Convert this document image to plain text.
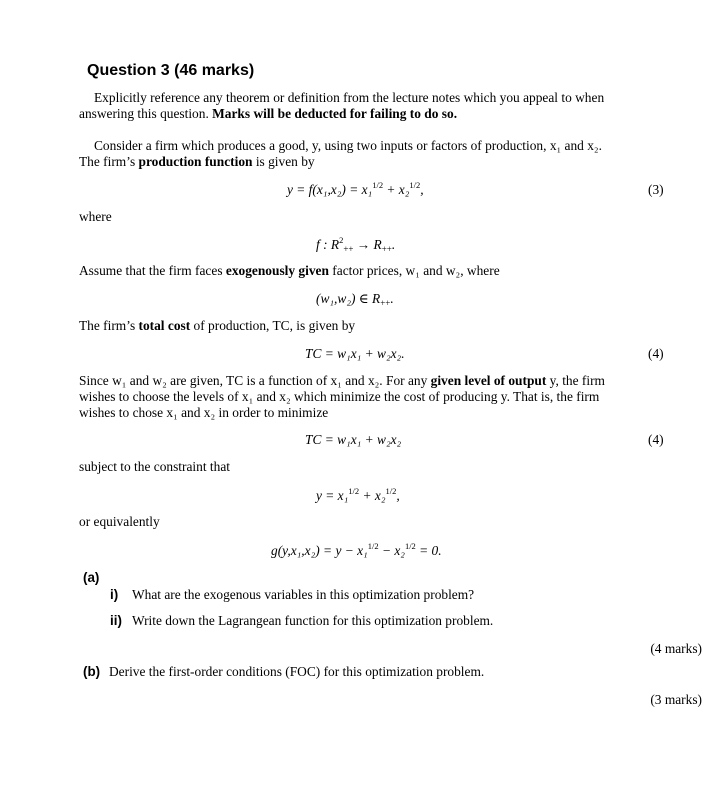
Question 3 (46 marks)
Explicitly reference any theorem or definition from the lecture notes which you appeal to when
answering this question. Marks will be deducted for failing to do so.
Consider a firm which produces a good, y, using two inputs or factors of production, x₁ and x₂.
The firm’s production function is given by
y = f(x₁,x₂) = x₁$^{1/2}$ + x₂$^{1/2}$,	(3)
where
f : $R^2_{++} \to R_{++}$.
Assume that the firm faces exogenously given factor prices, w₁ and w₂, where
(w₁,w₂) ∈ $R_{++}$.
The firm’s total cost of production, TC, is given by
TC = w₁x₁ + w₂x₂.	(4)
Since w₁ and w₂ are given, TC is a function of x₁ and x₂. For any given level of output y, the firm
wishes to choose the levels of x₁ and x₂ which minimize the cost of producing y. That is, the firm
wishes to chose x₁ and x₂ in order to minimize
TC = w₁x₁ + w₂x₂	(4)
subject to the constraint that
y = x₁$^{1/2}$ + x₂$^{1/2}$,
or equivalently
g(y,x₁,x₂) = y − x₁$^{1/2}$ − x₂$^{1/2}$ = 0.
(a)
i) What are the exogenous variables in this optimization problem?
ii) Write down the Lagrangean function for this optimization problem.
(4 marks)
(b) Derive the first-order conditions (FOC) for this optimization problem.
(3 marks)
